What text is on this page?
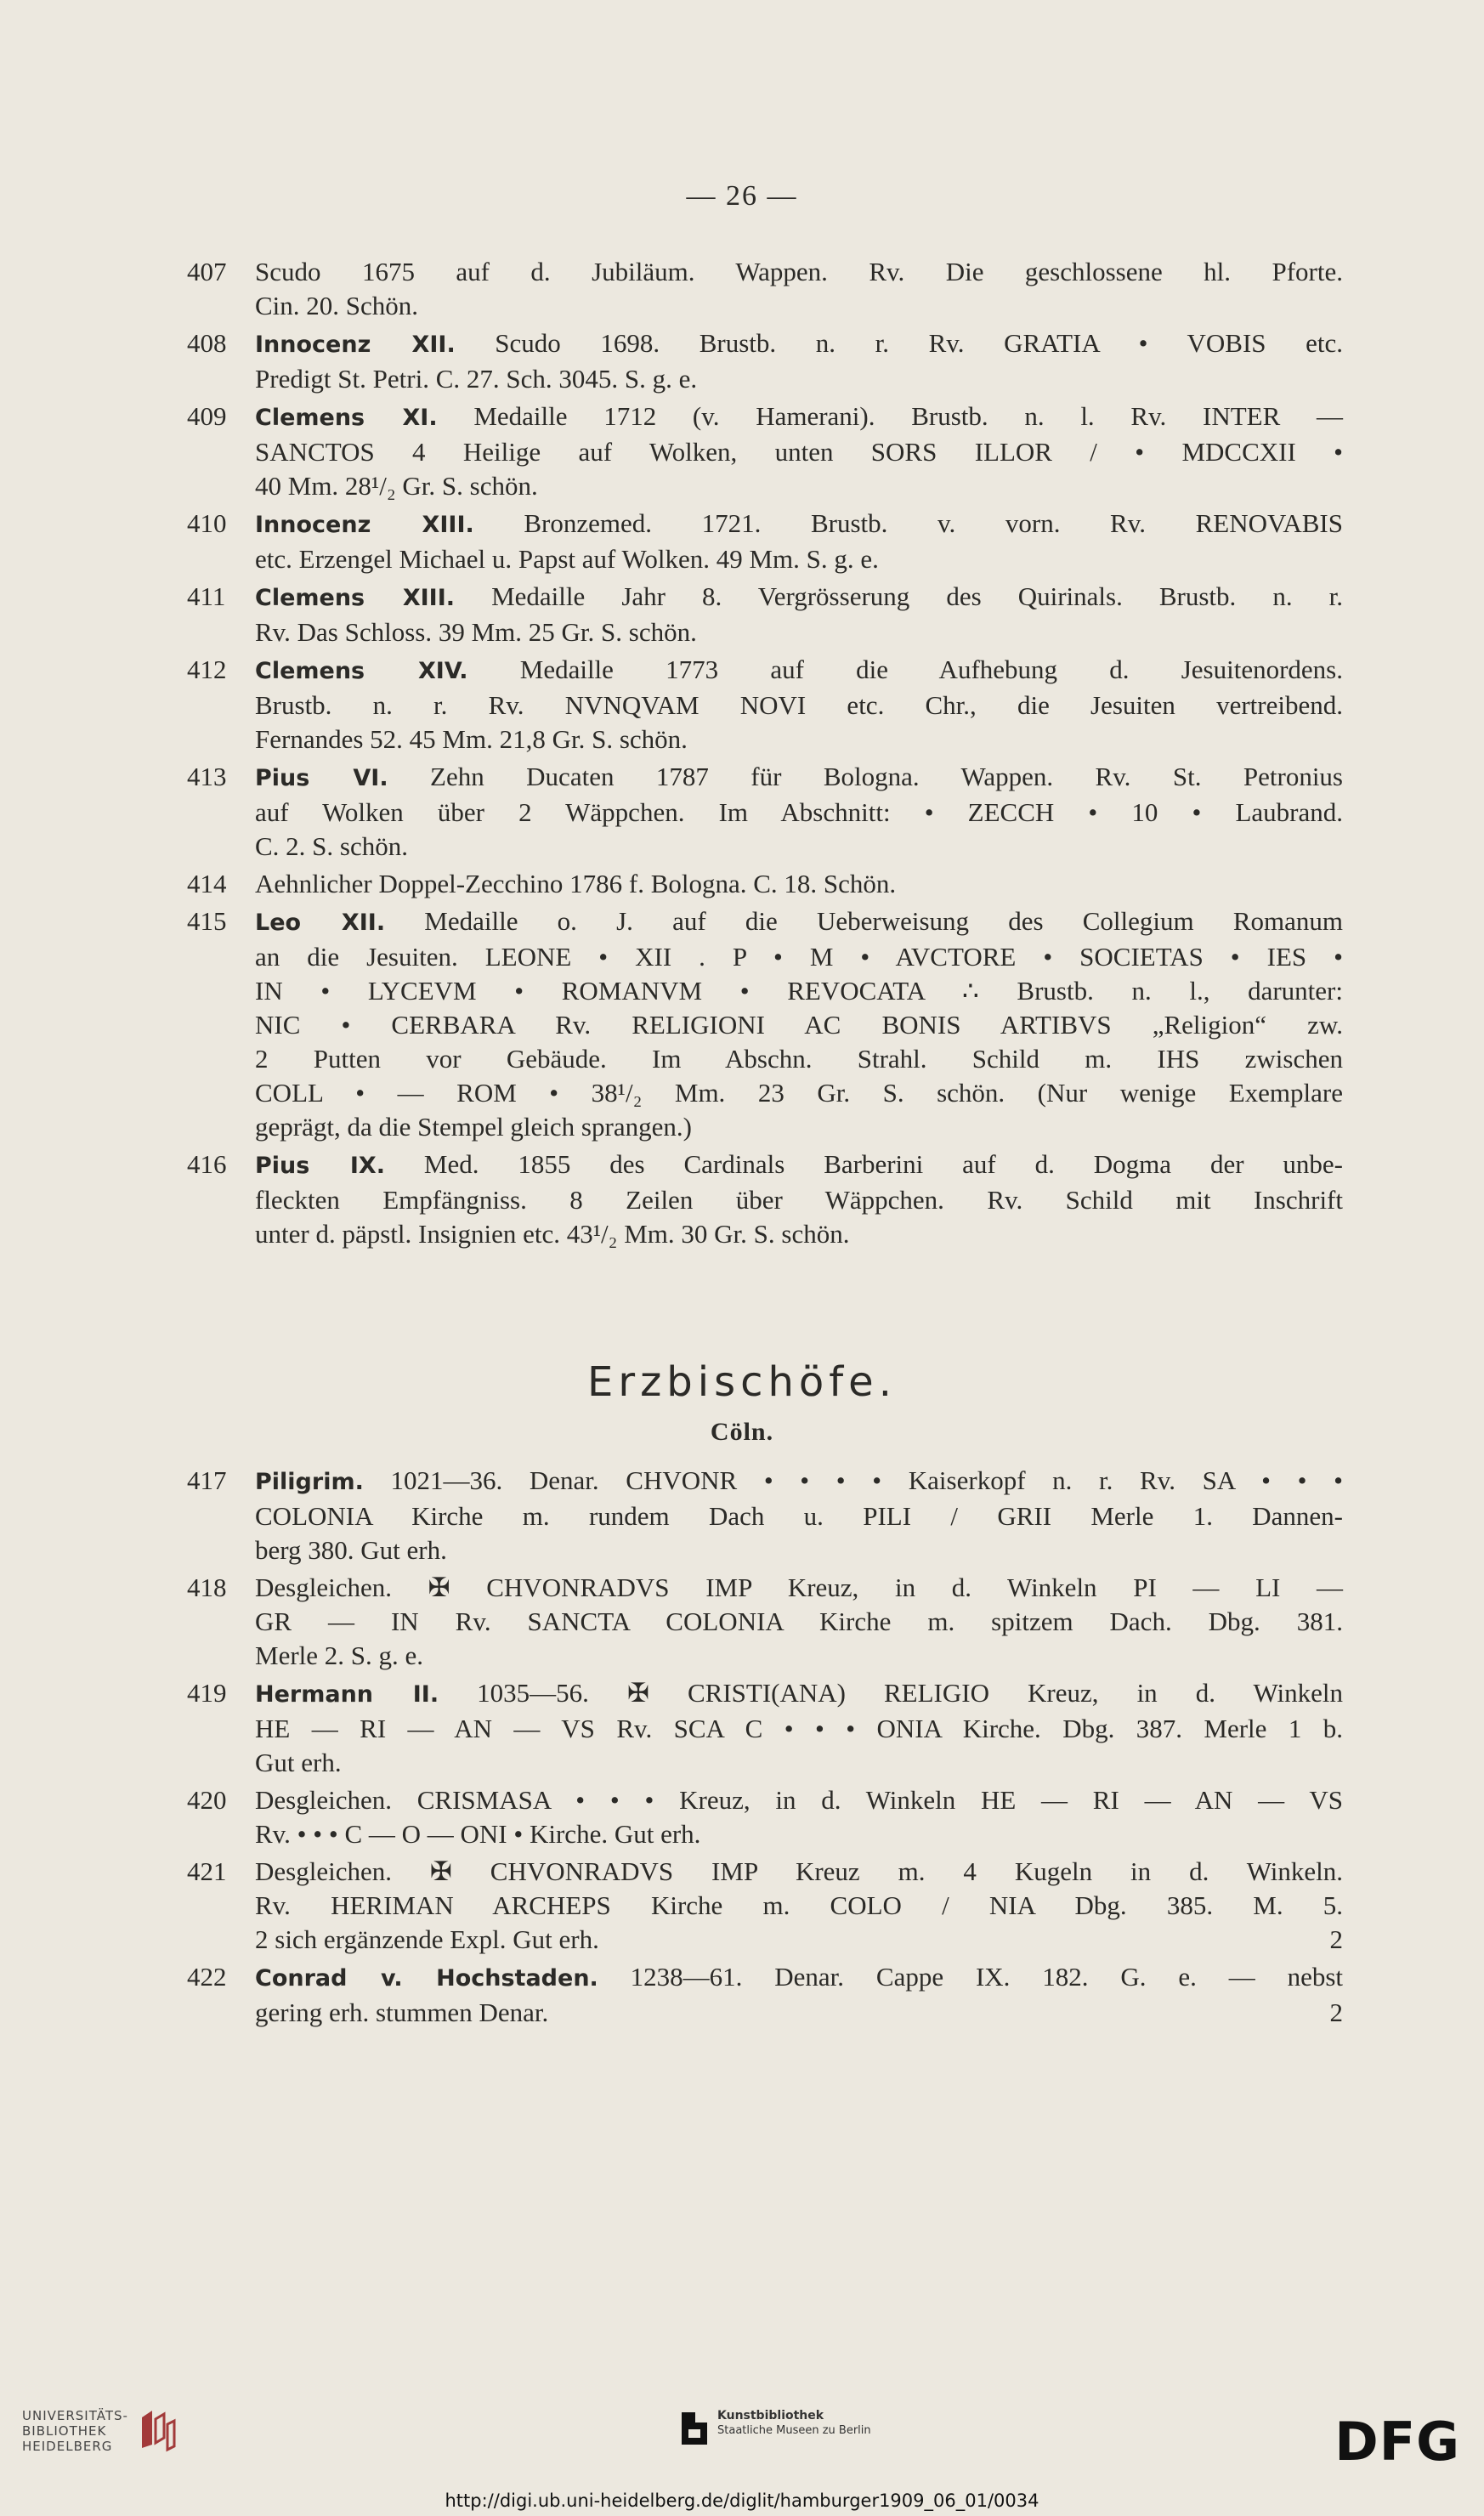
— 26 —
407	Scudo 1675 auf d. Jubiläum. Wappen. Rv. Die geschlossene hl. Pforte.
Cin. 20. Schön.
408	Innocenz XII. Scudo 1698. Brustb. n. r. Rv. GRATIA • VOBIS etc.
Predigt St. Petri. C. 27. Sch. 3045. S. g. e.
409	Clemens XI. Medaille 1712 (v. Hamerani). Brustb. n. l. Rv. INTER —
SANCTOS 4 Heilige auf Wolken, unten SORS ILLOR / • MDCCXII •
40 Mm. 28¹/₂ Gr. S. schön.
410	Innocenz XIII. Bronzemed. 1721. Brustb. v. vorn. Rv. RENOVABIS
etc. Erzengel Michael u. Papst auf Wolken. 49 Mm. S. g. e.
411	Clemens XIII. Medaille Jahr 8. Vergrösserung des Quirinals. Brustb. n. r.
Rv. Das Schloss. 39 Mm. 25 Gr. S. schön.
412	Clemens XIV. Medaille 1773 auf die Aufhebung d. Jesuitenordens.
Brustb. n. r. Rv. NVNQVAM NOVI etc. Chr., die Jesuiten vertreibend.
Fernandes 52. 45 Mm. 21,8 Gr. S. schön.
413	Pius VI. Zehn Ducaten 1787 für Bologna. Wappen. Rv. St. Petronius
auf Wolken über 2 Wäppchen. Im Abschnitt: • ZECCH • 10 • Laubrand.
C. 2. S. schön.
414	Aehnlicher Doppel-Zecchino 1786 f. Bologna. C. 18. Schön.
415	Leo XII. Medaille o. J. auf die Ueberweisung des Collegium Romanum
an die Jesuiten. LEONE • XII . P • M • AVCTORE • SOCIETAS • IES •
IN • LYCEVM • ROMANVM • REVOCATA ∴ Brustb. n. l., darunter:
NIC • CERBARA Rv. RELIGIONI AC BONIS ARTIBVS „Religion“ zw.
2 Putten vor Gebäude. Im Abschn. Strahl. Schild m. IHS zwischen
COLL • — ROM • 38¹/₂ Mm. 23 Gr. S. schön. (Nur wenige Exemplare
geprägt, da die Stempel gleich sprangen.)
416	Pius IX. Med. 1855 des Cardinals Barberini auf d. Dogma der unbe-
fleckten Empfängniss. 8 Zeilen über Wäppchen. Rv. Schild mit Inschrift
unter d. päpstl. Insignien etc. 43¹/₂ Mm. 30 Gr. S. schön.
Erzbischöfe.
Cöln.
417	Piligrim. 1021—36. Denar. CHVONR • • • • Kaiserkopf n. r. Rv. SA • • •
COLONIA Kirche m. rundem Dach u. PILI / GRII Merle 1. Dannen-
berg 380. Gut erh.
418	Desgleichen. ✠ CHVONRADVS IMP Kreuz, in d. Winkeln PI — LI —
GR — IN Rv. SANCTA COLONIA Kirche m. spitzem Dach. Dbg. 381.
Merle 2. S. g. e.
419	Hermann II. 1035—56. ✠ CRISTI(ANA) RELIGIO Kreuz, in d. Winkeln
HE — RI — AN — VS Rv. SCA C • • • ONIA Kirche. Dbg. 387. Merle 1 b.
Gut erh.
420	Desgleichen. CRISMASA • • • Kreuz, in d. Winkeln HE — RI — AN — VS
Rv. • • • C — O — ONI • Kirche. Gut erh.
421	Desgleichen. ✠ CHVONRADVS IMP Kreuz m. 4 Kugeln in d. Winkeln.
Rv. HERIMAN ARCHEPS Kirche m. COLO / NIA Dbg. 385. M. 5.
2 sich ergänzende Expl. Gut erh.	2
422	Conrad v. Hochstaden. 1238—61. Denar. Cappe IX. 182. G. e. — nebst
gering erh. stummen Denar.	2
UNIVERSITÄTS-
BIBLIOTHEK
HEIDELBERG
Kunstbibliothek
Staatliche Museen zu Berlin	DFG
http://digi.ub.uni-heidelberg.de/diglit/hamburger1909_06_01/0034
